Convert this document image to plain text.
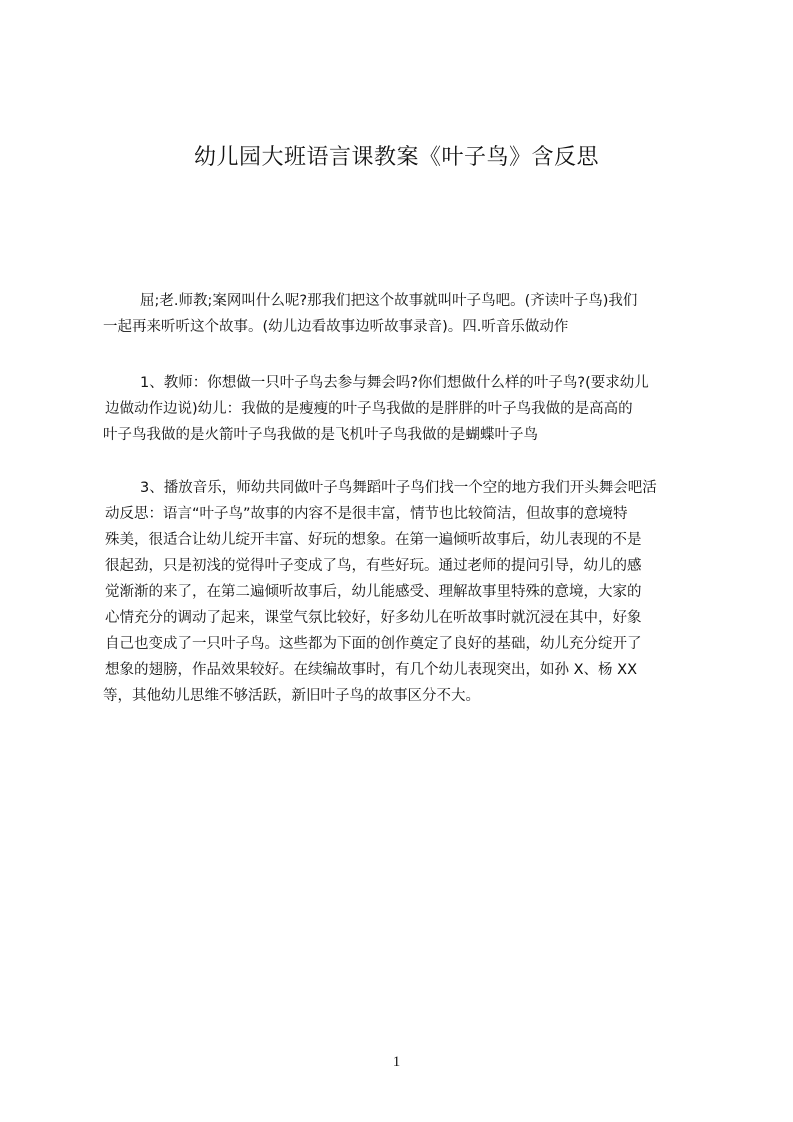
幼儿园大班语言课教案《叶子鸟》含反思
屈;老.师教;案网叫什么呢?那我们把这个故事就叫叶子鸟吧。(齐读叶子鸟)我们
一起再来听听这个故事。(幼儿边看故事边听故事录音)。四.听音乐做动作
1、教师：你想做一只叶子鸟去参与舞会吗?你们想做什么样的叶子鸟?(要求幼儿
边做动作边说)幼儿：我做的是瘦瘦的叶子鸟我做的是胖胖的叶子鸟我做的是高高的
叶子鸟我做的是火箭叶子鸟我做的是飞机叶子鸟我做的是蝴蝶叶子鸟
3、播放音乐，师幼共同做叶子鸟舞蹈叶子鸟们找一个空的地方我们开头舞会吧活
动反思：语言“叶子鸟”故事的内容不是很丰富，情节也比较简洁，但故事的意境特
殊美，很适合让幼儿绽开丰富、好玩的想象。在第一遍倾听故事后，幼儿表现的不是
很起劲，只是初浅的觉得叶子变成了鸟，有些好玩。通过老师的提问引导，幼儿的感
觉渐渐的来了，在第二遍倾听故事后，幼儿能感受、理解故事里特殊的意境，大家的
心情充分的调动了起来，课堂气氛比较好，好多幼儿在听故事时就沉浸在其中，好象
自己也变成了一只叶子鸟。这些都为下面的创作奠定了良好的基础，幼儿充分绽开了
想象的翅膀，作品效果较好。在续编故事时，有几个幼儿表现突出，如孙 X、杨 XX
等，其他幼儿思维不够活跃，新旧叶子鸟的故事区分不大。
1
